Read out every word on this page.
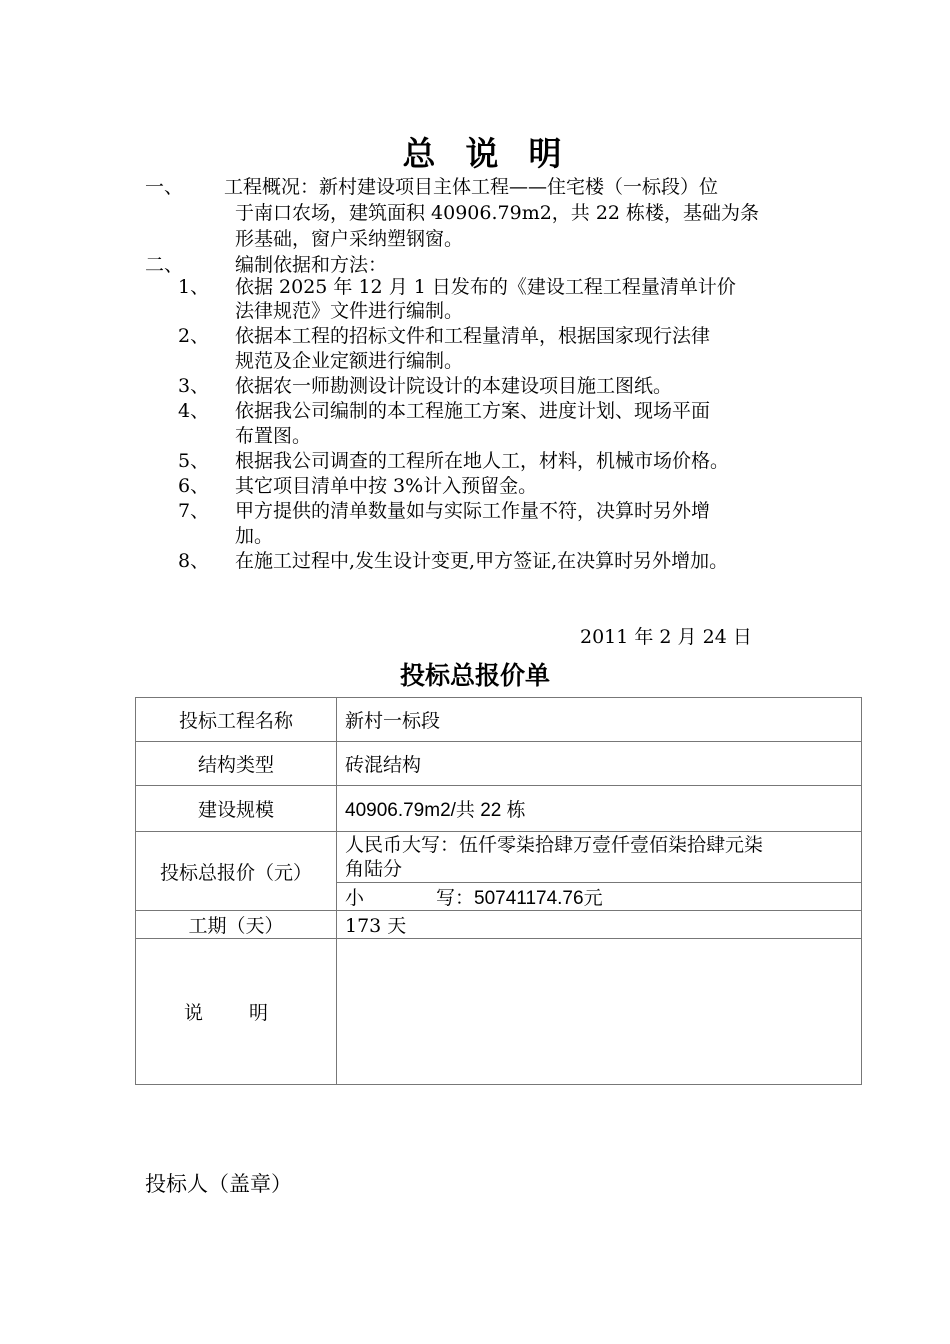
总说明
一、 工程概况：新村建设项目主体工程——住宅楼（一标段）位
于南口农场，建筑面积 40906.79m2，共 22 栋楼，基础为条
形基础，窗户采纳塑钢窗。
二、	编制依据和方法：
1、 依据 2025 年 12 月 1 日发布的《建设工程工程量清单计价
法律规范》文件进行编制。
2、 依据本工程的招标文件和工程量清单，根据国家现行法律
规范及企业定额进行编制。
3、 依据农一师勘测设计院设计的本建设项目施工图纸。
4、 依据我公司编制的本工程施工方案、进度计划、现场平面
布置图。
5、 根据我公司调查的工程所在地人工，材料，机械市场价格。
6、 其它项目清单中按 3%计入预留金。
7、 甲方提供的清单数量如与实际工作量不符，决算时另外增
加。
8、 在施工过程中,发生设计变更,甲方签证,在决算时另外增加。
2011 年 2 月 24 日
投标总报价单
投标工程名称	新村一标段
结构类型	砖混结构
建设规模	40906.79m2/共 22 栋
投标总报价（元）	人民币大写：伍仟零柒拾肆万壹仟壹佰柒拾肆元柒
角陆分

	小 写：50741174.76元
工期（天）	173 天
说 明	
投标人（盖章）
